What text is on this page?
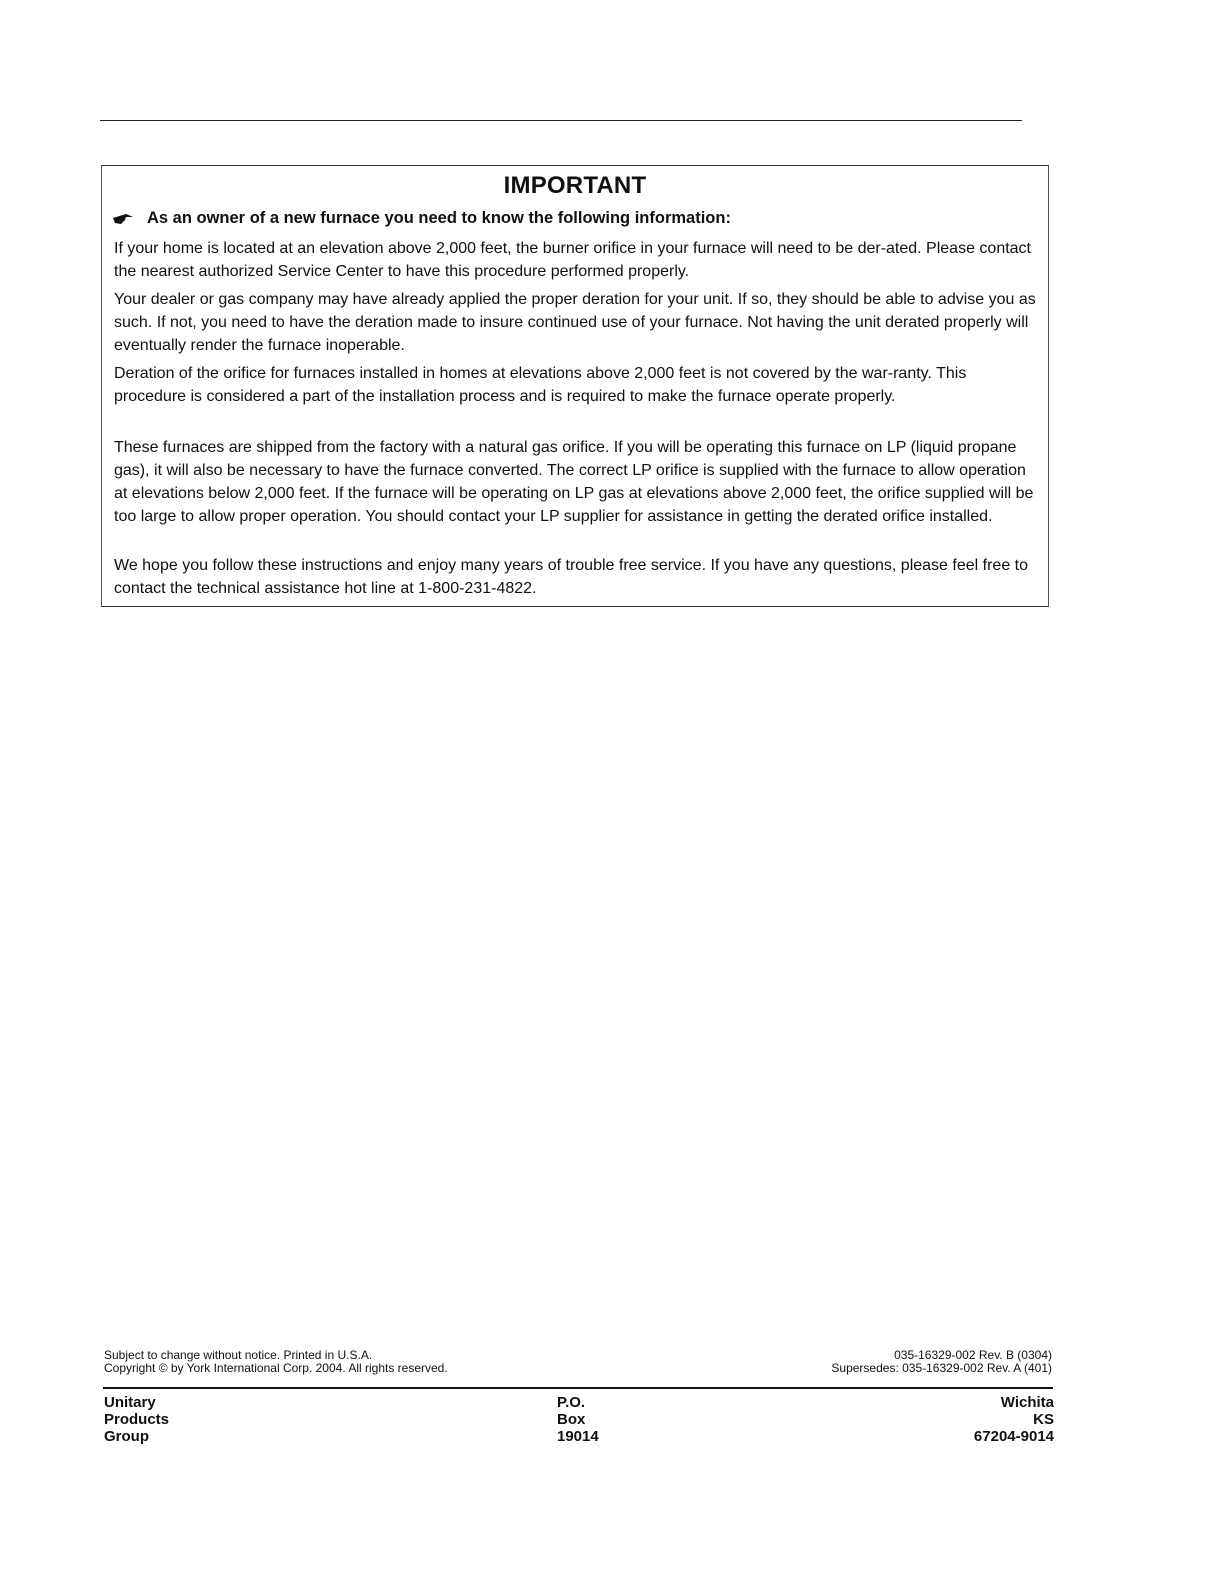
IMPORTANT
As an owner of a new furnace you need to know the following information:

If your home is located at an elevation above 2,000 feet, the burner orifice in your furnace will need to be der-ated. Please contact the nearest authorized Service Center to have this procedure performed properly.

Your dealer or gas company may have already applied the proper deration for your unit. If so, they should be able to advise you as such. If not, you need to have the deration made to insure continued use of your furnace. Not having the unit derated properly will eventually render the furnace inoperable.

Deration of the orifice for furnaces installed in homes at elevations above 2,000 feet is not covered by the war-ranty. This procedure is considered a part of the installation process and is required to make the furnace operate properly.

These furnaces are shipped from the factory with a natural gas orifice. If you will be operating this furnace on LP (liquid propane gas), it will also be necessary to have the furnace converted. The correct LP orifice is supplied with the furnace to allow operation at elevations below 2,000 feet. If the furnace will be operating on LP gas at elevations above 2,000 feet, the orifice supplied will be too large to allow proper operation. You should contact your LP supplier for assistance in getting the derated orifice installed.

We hope you follow these instructions and enjoy many years of trouble free service. If you have any questions, please feel free to contact the technical assistance hot line at 1-800-231-4822.

Subject to change without notice. Printed in U.S.A.
Copyright © by York International Corp. 2004. All rights reserved.
035-16329-002 Rev. B (0304)
Supersedes: 035-16329-002 Rev. A (401)
Unitary
Products
Group
P.O.
Box
19014
Wichita
KS
67204-9014
